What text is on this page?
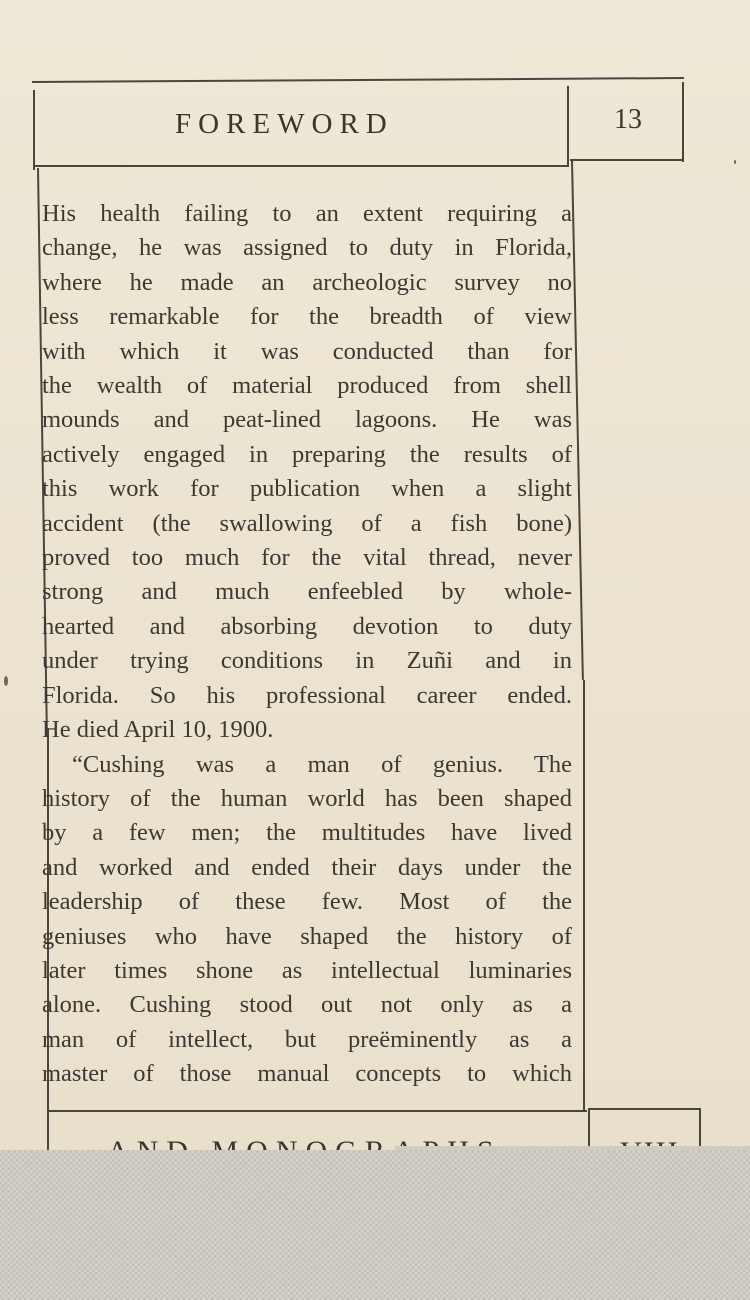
FOREWORD	13
His health failing to an extent requiring a
change, he was assigned to duty in Florida,
where he made an archeologic survey no
less remarkable for the breadth of view
with which it was conducted than for
the wealth of material produced from shell
mounds and peat-lined lagoons. He was
actively engaged in preparing the results of
this work for publication when a slight
accident (the swallowing of a fish bone)
proved too much for the vital thread, never
strong and much enfeebled by whole-
hearted and absorbing devotion to duty
under trying conditions in Zuñi and in
Florida. So his professional career ended.
He died April 10, 1900.
“Cushing was a man of genius. The
history of the human world has been shaped
by a few men; the multitudes have lived
and worked and ended their days under the
leadership of these few. Most of the
geniuses who have shaped the history of
later times shone as intellectual luminaries
alone. Cushing stood out not only as a
man of intellect, but preëminently as a
master of those manual concepts to which
